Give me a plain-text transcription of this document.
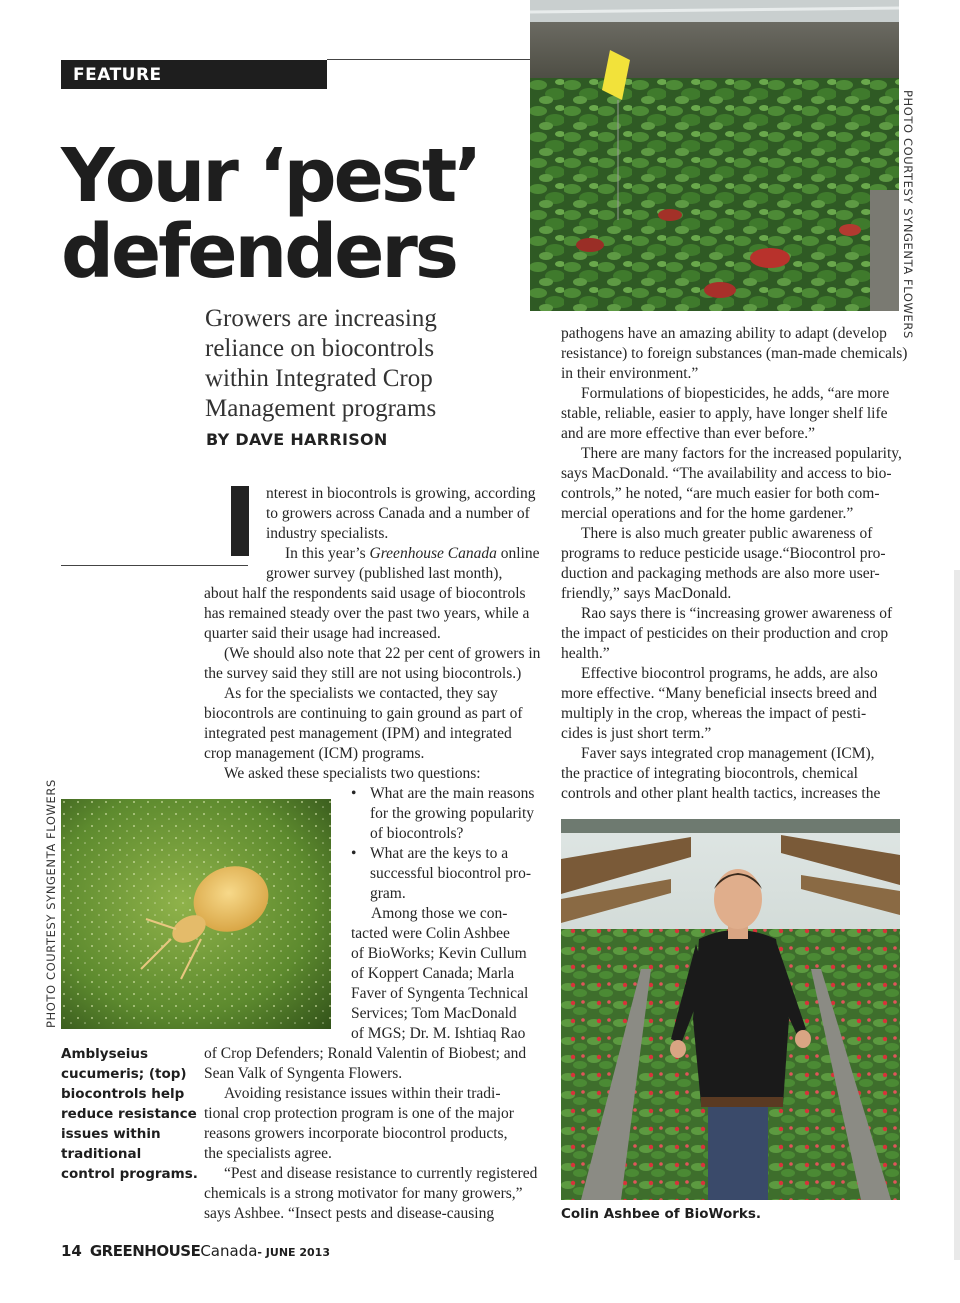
FEATURE
Your ‘pest’
defenders
Growers are increasing
reliance on biocontrols
within Integrated Crop
Management programs
BY DAVE HARRISON
PHOTO COURTESY SYNGENTA FLOWERS
nterest in biocontrols is growing, according
to growers across Canada and a number of
industry specialists.
In this year’s Greenhouse Canada online
grower survey (published last month),
about half the respondents said usage of biocontrols
has remained steady over the past two years, while a
quarter said their usage had increased.
(We should also note that 22 per cent of growers in
the survey said they still are not using biocontrols.)
As for the specialists we contacted, they say
biocontrols are continuing to gain ground as part of
integrated pest management (IPM) and integrated
crop management (ICM) programs.
We asked these specialists two questions:
• What are the main reasons
for the growing popularity
of biocontrols?
• What are the keys to a
successful biocontrol pro-
gram.
Among those we con-
tacted were Colin Ashbee
of BioWorks; Kevin Cullum
of Koppert Canada; Marla
Faver of Syngenta Technical
Services; Tom MacDonald
of MGS; Dr. M. Ishtiaq Rao
of Crop Defenders; Ronald Valentin of Biobest; and
Sean Valk of Syngenta Flowers.
Avoiding resistance issues within their tradi-
tional crop protection program is one of the major
reasons growers incorporate biocontrol products,
the specialists agree.
“Pest and disease resistance to currently registered
chemicals is a strong motivator for many growers,”
says Ashbee. “Insect pests and disease-causing
PHOTO COURTESY SYNGENTA FLOWERS
Amblyseius
cucumeris; (top)
biocontrols help
reduce resistance
issues within
traditional
control programs.
pathogens have an amazing ability to adapt (develop
resistance) to foreign substances (man-made chemicals)
in their environment.”
Formulations of biopesticides, he adds, “are more
stable, reliable, easier to apply, have longer shelf life
and are more effective than ever before.”
There are many factors for the increased popularity,
says MacDonald. “The availability and access to bio-
controls,” he noted, “are much easier for both com-
mercial operations and for the home gardener.”
There is also much greater public awareness of
programs to reduce pesticide usage.“Biocontrol pro-
duction and packaging methods are also more user-
friendly,” says MacDonald.
Rao says there is “increasing grower awareness of
the impact of pesticides on their production and crop
health.”
Effective biocontrol programs, he adds, are also
more effective. “Many beneficial insects breed and
multiply in the crop, whereas the impact of pesti-
cides is just short term.”
Faver says integrated crop management (ICM),
the practice of integrating biocontrols, chemical
controls and other plant health tactics, increases the
Colin Ashbee of BioWorks.
14 GREENHOUSECanada- JUNE 2013
